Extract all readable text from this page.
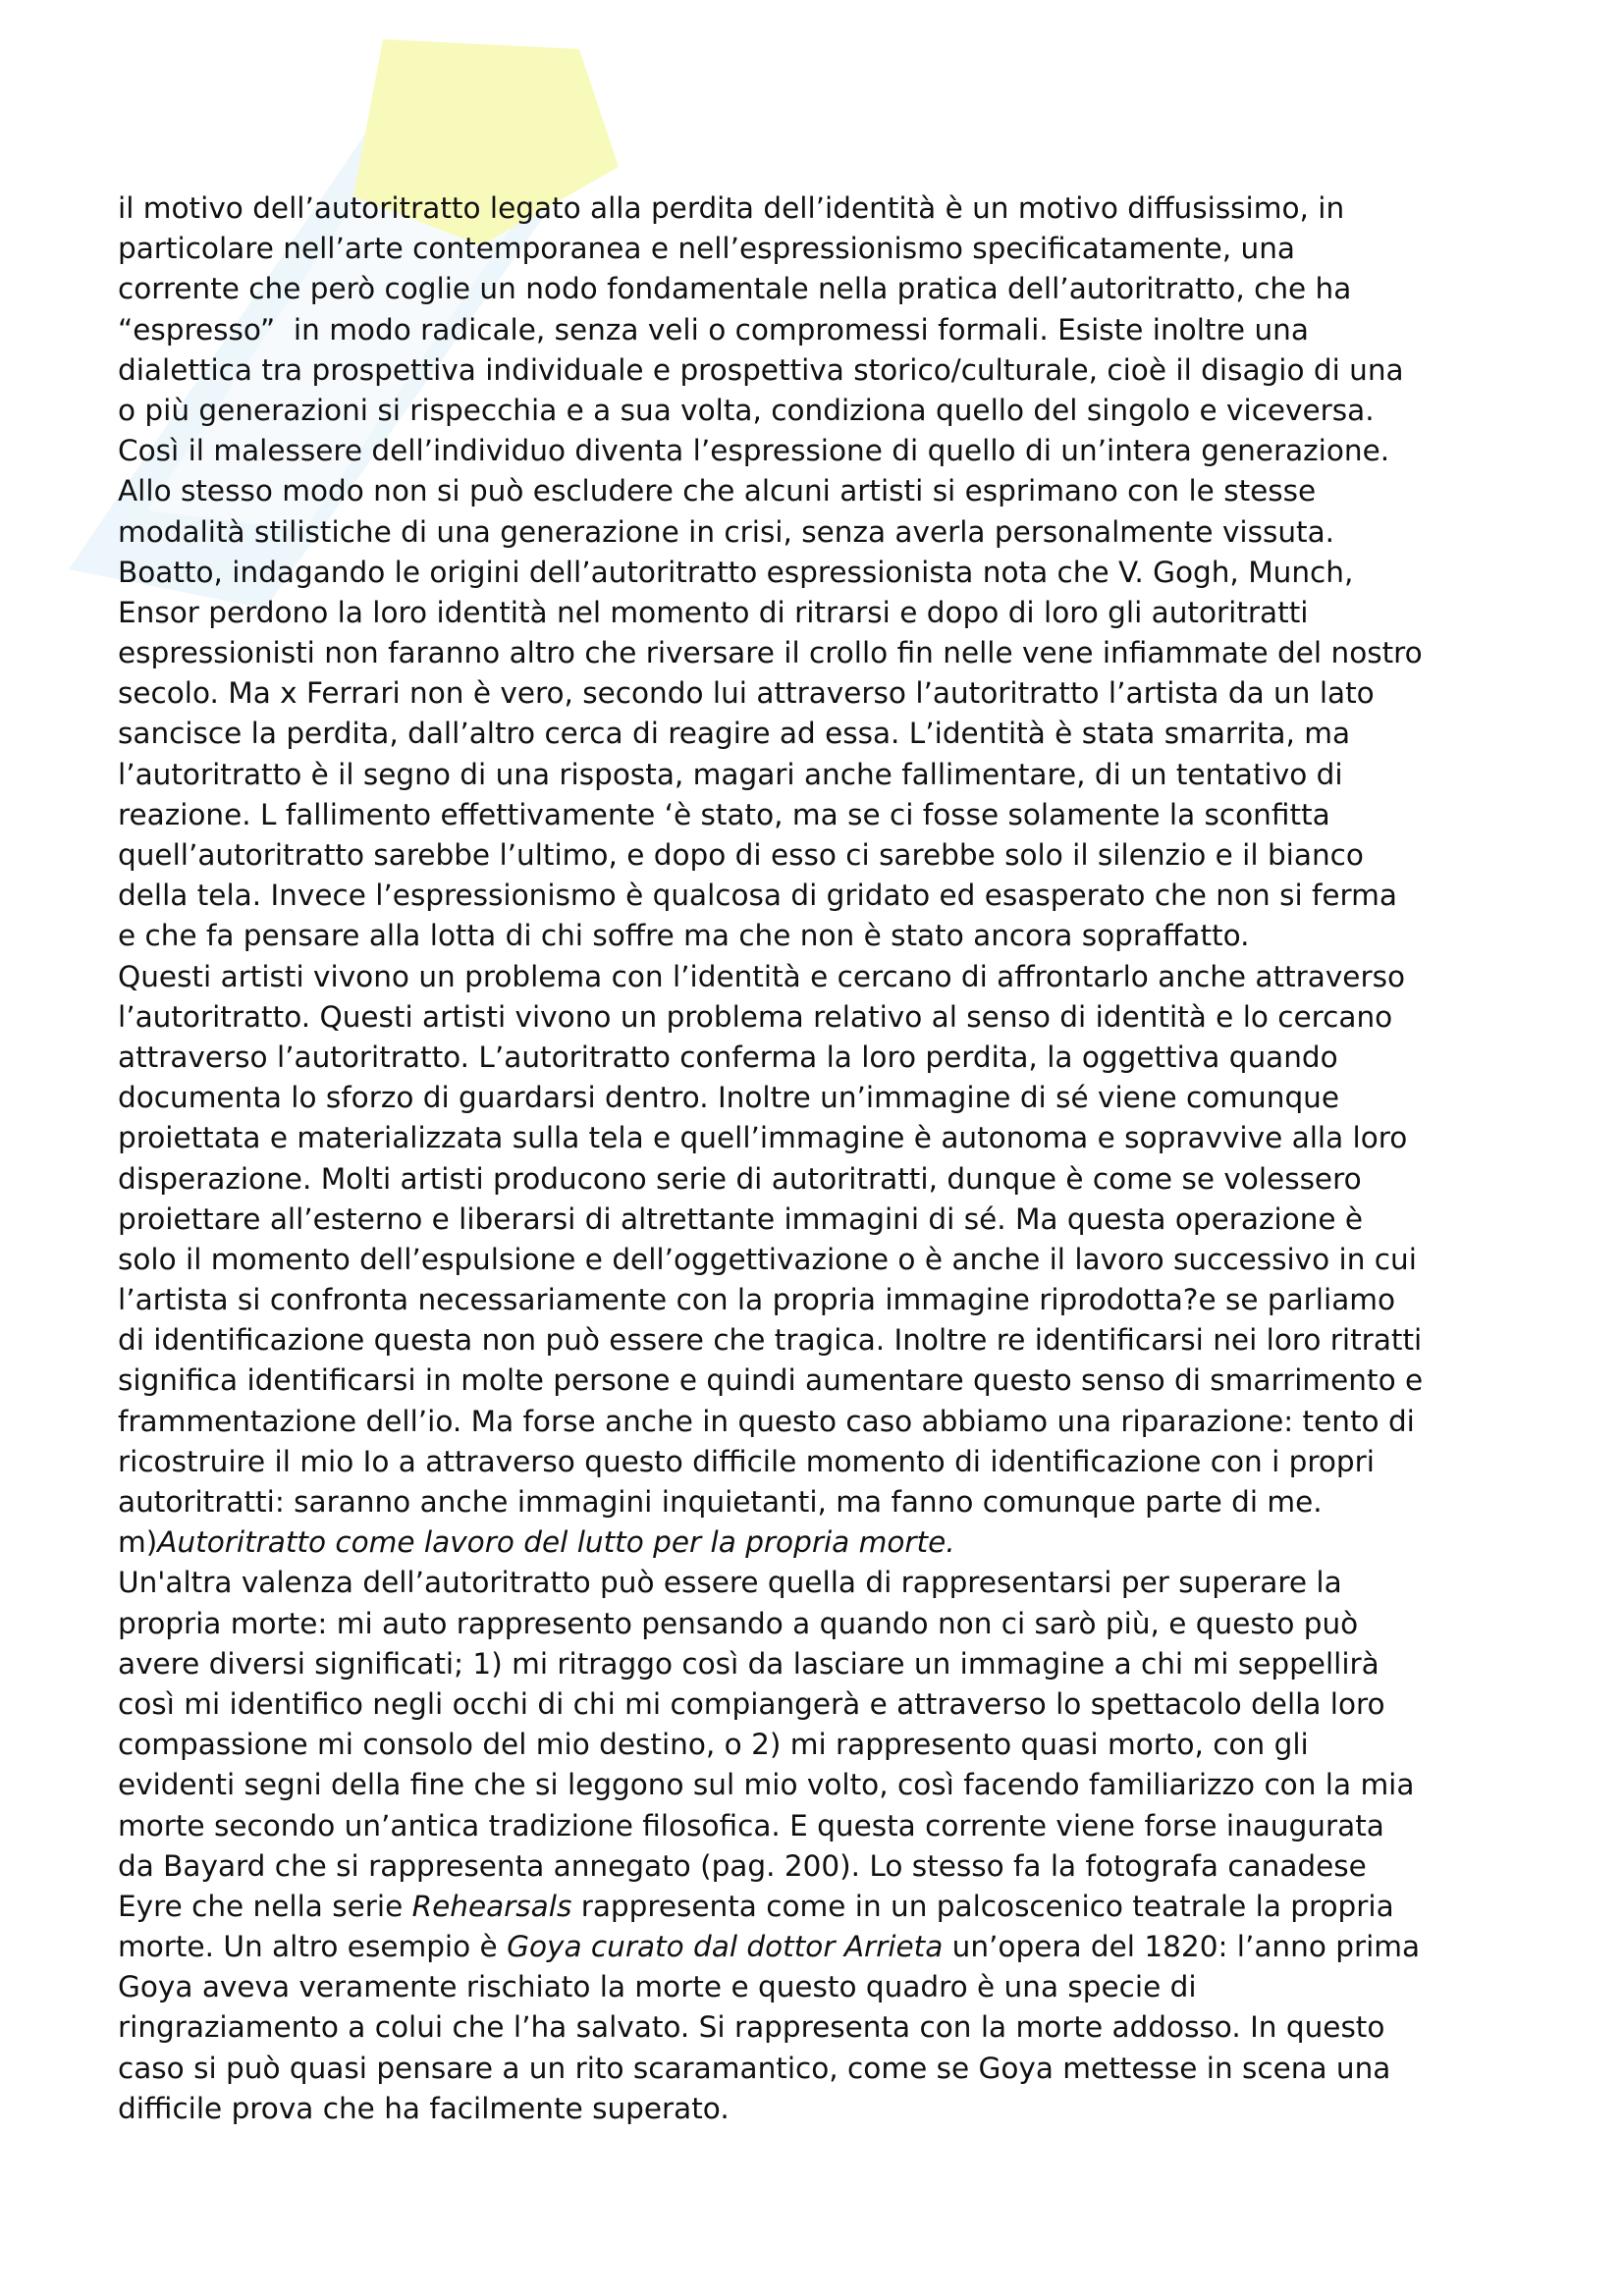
il motivo dell’autoritratto legato alla perdita dell’identità è un motivo diffusissimo, in
particolare nell’arte contemporanea e nell’espressionismo specificatamente, una
corrente che però coglie un nodo fondamentale nella pratica dell’autoritratto, che ha
“espresso”  in modo radicale, senza veli o compromessi formali. Esiste inoltre una
dialettica tra prospettiva individuale e prospettiva storico/culturale, cioè il disagio di una
o più generazioni si rispecchia e a sua volta, condiziona quello del singolo e viceversa.
Così il malessere dell’individuo diventa l’espressione di quello di un’intera generazione.
Allo stesso modo non si può escludere che alcuni artisti si esprimano con le stesse
modalità stilistiche di una generazione in crisi, senza averla personalmente vissuta.
Boatto, indagando le origini dell’autoritratto espressionista nota che V. Gogh, Munch,
Ensor perdono la loro identità nel momento di ritrarsi e dopo di loro gli autoritratti
espressionisti non faranno altro che riversare il crollo fin nelle vene infiammate del nostro
secolo. Ma x Ferrari non è vero, secondo lui attraverso l’autoritratto l’artista da un lato
sancisce la perdita, dall’altro cerca di reagire ad essa. L’identità è stata smarrita, ma
l’autoritratto è il segno di una risposta, magari anche fallimentare, di un tentativo di
reazione. L fallimento effettivamente ‘è stato, ma se ci fosse solamente la sconfitta
quell’autoritratto sarebbe l’ultimo, e dopo di esso ci sarebbe solo il silenzio e il bianco
della tela. Invece l’espressionismo è qualcosa di gridato ed esasperato che non si ferma
e che fa pensare alla lotta di chi soffre ma che non è stato ancora sopraffatto.
Questi artisti vivono un problema con l’identità e cercano di affrontarlo anche attraverso
l’autoritratto. Questi artisti vivono un problema relativo al senso di identità e lo cercano
attraverso l’autoritratto. L’autoritratto conferma la loro perdita, la oggettiva quando
documenta lo sforzo di guardarsi dentro. Inoltre un’immagine di sé viene comunque
proiettata e materializzata sulla tela e quell’immagine è autonoma e sopravvive alla loro
disperazione. Molti artisti producono serie di autoritratti, dunque è come se volessero
proiettare all’esterno e liberarsi di altrettante immagini di sé. Ma questa operazione è
solo il momento dell’espulsione e dell’oggettivazione o è anche il lavoro successivo in cui
l’artista si confronta necessariamente con la propria immagine riprodotta?e se parliamo
di identificazione questa non può essere che tragica. Inoltre re identificarsi nei loro ritratti
significa identificarsi in molte persone e quindi aumentare questo senso di smarrimento e
frammentazione dell’io. Ma forse anche in questo caso abbiamo una riparazione: tento di
ricostruire il mio Io a attraverso questo difficile momento di identificazione con i propri
autoritratti: saranno anche immagini inquietanti, ma fanno comunque parte di me.
m)Autoritratto come lavoro del lutto per la propria morte.
Un'altra valenza dell’autoritratto può essere quella di rappresentarsi per superare la
propria morte: mi auto rappresento pensando a quando non ci sarò più, e questo può
avere diversi significati; 1) mi ritraggo così da lasciare un immagine a chi mi seppellirà
così mi identifico negli occhi di chi mi compiangerà e attraverso lo spettacolo della loro
compassione mi consolo del mio destino, o 2) mi rappresento quasi morto, con gli
evidenti segni della fine che si leggono sul mio volto, così facendo familiarizzo con la mia
morte secondo un’antica tradizione filosofica. E questa corrente viene forse inaugurata
da Bayard che si rappresenta annegato (pag. 200). Lo stesso fa la fotografa canadese
Eyre che nella serie Rehearsals rappresenta come in un palcoscenico teatrale la propria
morte. Un altro esempio è Goya curato dal dottor Arrieta un’opera del 1820: l’anno prima
Goya aveva veramente rischiato la morte e questo quadro è una specie di
ringraziamento a colui che l’ha salvato. Si rappresenta con la morte addosso. In questo
caso si può quasi pensare a un rito scaramantico, come se Goya mettesse in scena una
difficile prova che ha facilmente superato.
